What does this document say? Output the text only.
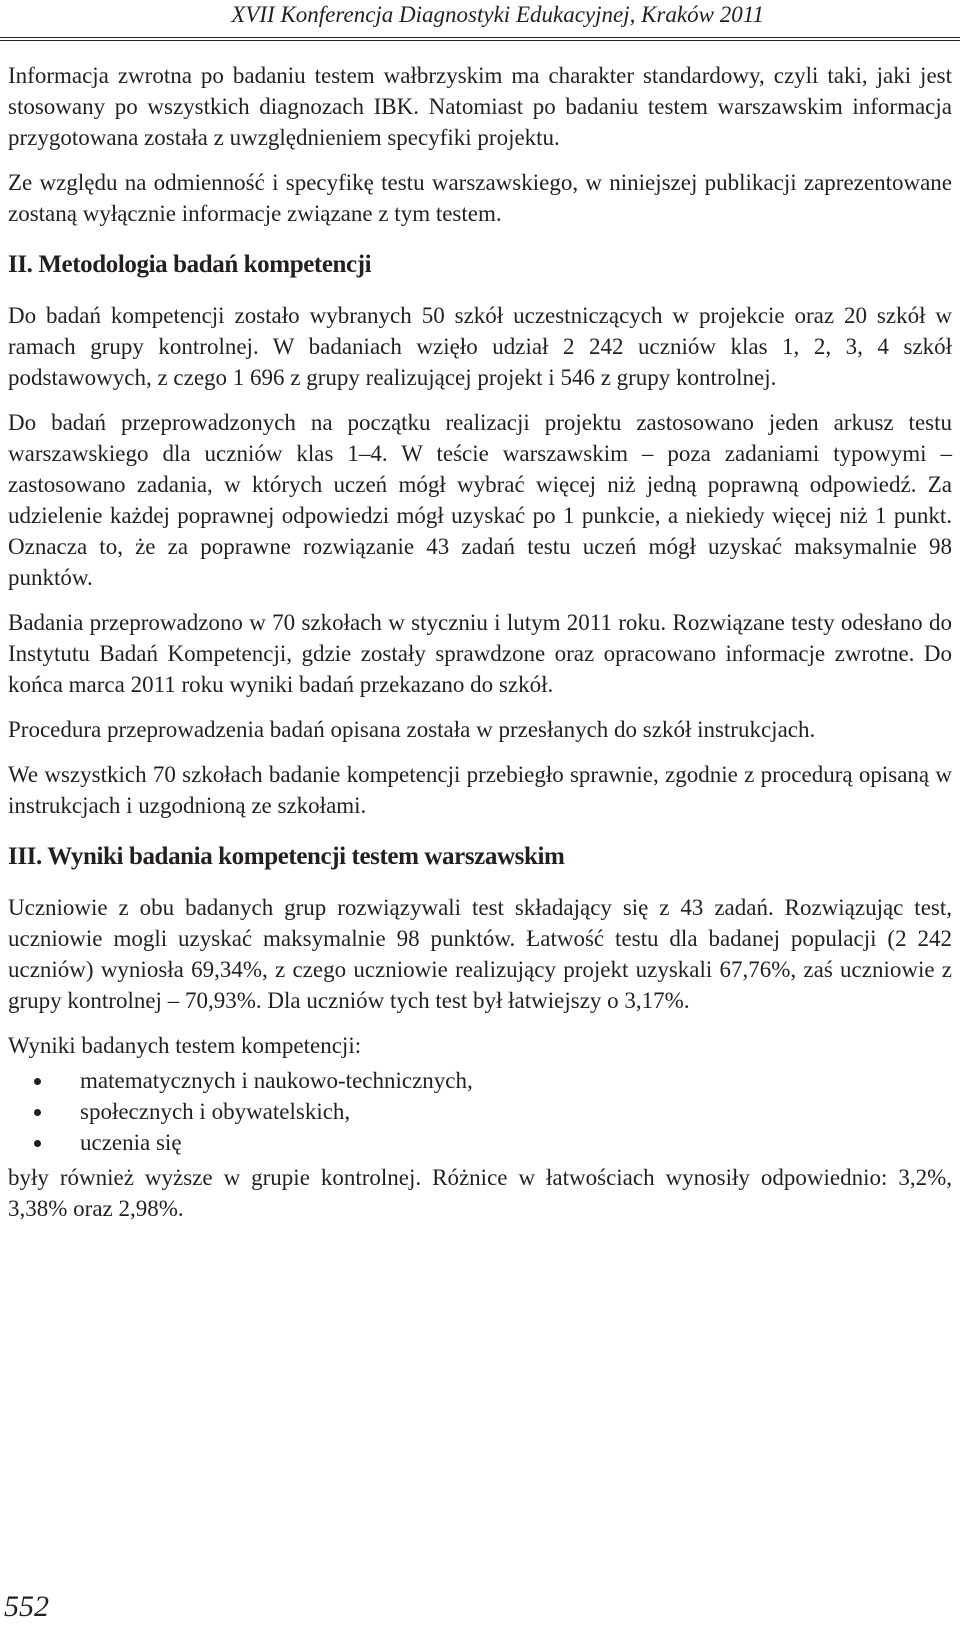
XVII Konferencja Diagnostyki Edukacyjnej, Kraków 2011

Informacja zwrotna po badaniu testem wałbrzyskim ma charakter standardowy, czyli taki, jaki jest stosowany po wszystkich diagnozach IBK. Natomiast po badaniu testem warszawskim informacja przygotowana została z uwzględnieniem specyfiki projektu.

Ze względu na odmienność i specyfikę testu warszawskiego, w niniejszej publikacji zaprezentowane zostaną wyłącznie informacje związane z tym testem.

II. Metodologia badań kompetencji

Do badań kompetencji zostało wybranych 50 szkół uczestniczących w projekcie oraz 20 szkół w ramach grupy kontrolnej. W badaniach wzięło udział 2 242 uczniów klas 1, 2, 3, 4 szkół podstawowych, z czego 1 696 z grupy realizującej projekt i 546 z grupy kontrolnej.

Do badań przeprowadzonych na początku realizacji projektu zastosowano jeden arkusz testu warszawskiego dla uczniów klas 1–4. W teście warszawskim – poza zadaniami typowymi – zastosowano zadania, w których uczeń mógł wybrać więcej niż jedną poprawną odpowiedź. Za udzielenie każdej poprawnej odpowiedzi mógł uzyskać po 1 punkcie, a niekiedy więcej niż 1 punkt. Oznacza to, że za poprawne rozwiązanie 43 zadań testu uczeń mógł uzyskać maksymalnie 98 punktów.

Badania przeprowadzono w 70 szkołach w styczniu i lutym 2011 roku. Rozwiązane testy odesłano do Instytutu Badań Kompetencji, gdzie zostały sprawdzone oraz opracowano informacje zwrotne. Do końca marca 2011 roku wyniki badań przekazano do szkół.

Procedura przeprowadzenia badań opisana została w przesłanych do szkół instrukcjach.

We wszystkich 70 szkołach badanie kompetencji przebiegło sprawnie, zgodnie z procedurą opisaną w instrukcjach i uzgodnioną ze szkołami.

III. Wyniki badania kompetencji testem warszawskim

Uczniowie z obu badanych grup rozwiązywali test składający się z 43 zadań. Rozwiązując test, uczniowie mogli uzyskać maksymalnie 98 punktów. Łatwość testu dla badanej populacji (2 242 uczniów) wyniosła 69,34%, z czego uczniowie realizujący projekt uzyskali 67,76%, zaś uczniowie z grupy kontrolnej – 70,93%. Dla uczniów tych test był łatwiejszy o 3,17%.

Wyniki badanych testem kompetencji:

matematycznych i naukowo-technicznych,
społecznych i obywatelskich,
uczenia się

były również wyższe w grupie kontrolnej. Różnice w łatwościach wynosiły odpowiednio: 3,2%, 3,38% oraz 2,98%.

552
